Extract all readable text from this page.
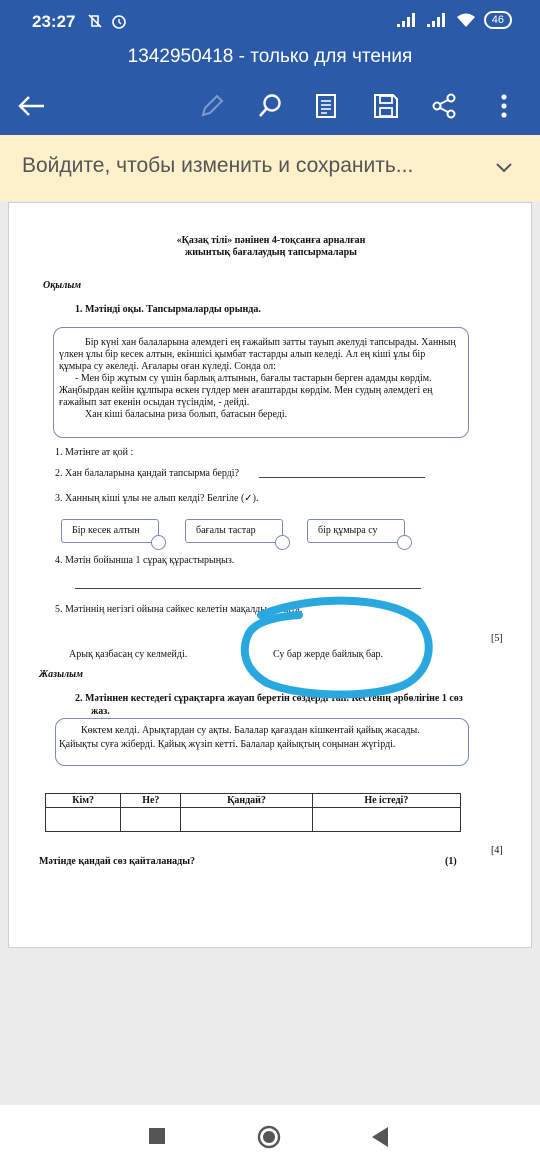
23:27	46
1342950418 - только для чтения
Войдите, чтобы изменить и сохранить...
«Қазақ тілі» пәнінен 4-тоқсанға арналған
жиынтық бағалаудың тапсырмалары
Оқылым
1. Мәтінді оқы. Тапсырмаларды орында.
Бір күні хан балаларына әлемдегі ең ғажайып затты тауып әкелуді тапсырады. Ханның
үлкен ұлы бір кесек алтын, екіншісі қымбат тастарды алып келеді. Ал ең кіші ұлы бір
құмыра су әкеледі. Ағалары оған күледі. Сонда ол:
- Мен бір жұтым су үшін барлық алтынын, бағалы тастарын берген адамды көрдім.
Жаңбырдан кейін құлпыра өскен гүлдер мен ағаштарды көрдім. Мен судың әлемдегі ең
ғажайып зат екенін осыдан түсіндім, - дейді.
Хан кіші баласына риза болып, батасын береді.
1. Мәтінге ат қой :
2. Хан балаларына қандай тапсырма берді?
3. Ханның кіші ұлы не алып келді? Белгіле (✓).
Бір кесек алтын	бағалы тастар	бір құмыра су
4. Мәтін бойынша 1 сұрақ құрастырыңыз.
5. Мәтіннің негізгі ойына сәйкес келетін мақалды анықта.
[5]
Арық қазбасаң су келмейді.	Су бар жерде байлық бар.
Жазылым
2. Мәтіннен кестедегі сұрақтарға жауап беретін сөздерді тап. Кестенің әрбөлігіне 1 сөз
жаз.
Көктем келді. Арықтардан су ақты. Балалар қағаздан кішкентай қайық жасады.
Қайықты суға жіберді. Қайық жүзіп кетті. Балалар қайықтың соңынан жүгірді.
Кім?	Не?	Қандай?	Не істеді?

[4]
Мәтінде қандай сөз қайталанады?	(1)
